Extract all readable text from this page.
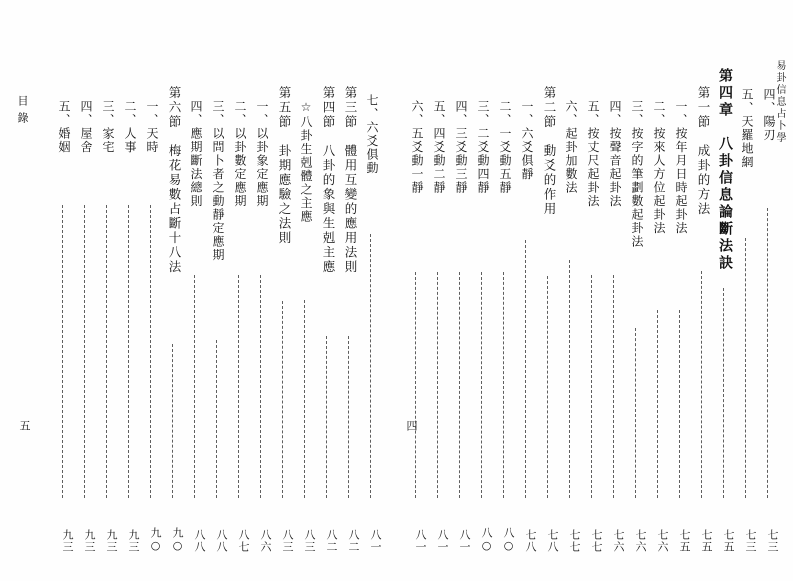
易卦信息占卜學
四
四、陽刃
七三
五、天羅地網
七三
第四章　八卦信息論斷法訣
七五
第一節　成卦的方法
七五
一、按年月日時起卦法
七五
二、按來人方位起卦法
七六
三、按字的筆劃數起卦法
七六
四、按聲音起卦法
七六
五、按丈尺起卦法
七七
六、起卦加數法
七七
第二節　動爻的作用
七八
一、六爻俱靜
七八
二、一爻動五靜
八○
三、二爻動四靜
八○
四、三爻動三靜
八一
五、四爻動二靜
八一
六、五爻動一靜
八一
目錄
五
七、六爻俱動
八一
第三節　體用互變的應用法則
八二
第四節　八卦的象與生剋主應
八二
☆八卦生剋體之主應
八三
第五節　卦期應驗之法則
八三
一、以卦象定應期
八六
二、以卦數定應期
八七
三、以問卜者之動靜定應期
八八
四、應期斷法總則
八八
第六節　梅花易數占斷十八法
九○
一、天時
九○
二、人事
九三
三、家宅
九三
四、屋舍
九三
五、婚姻
九三
